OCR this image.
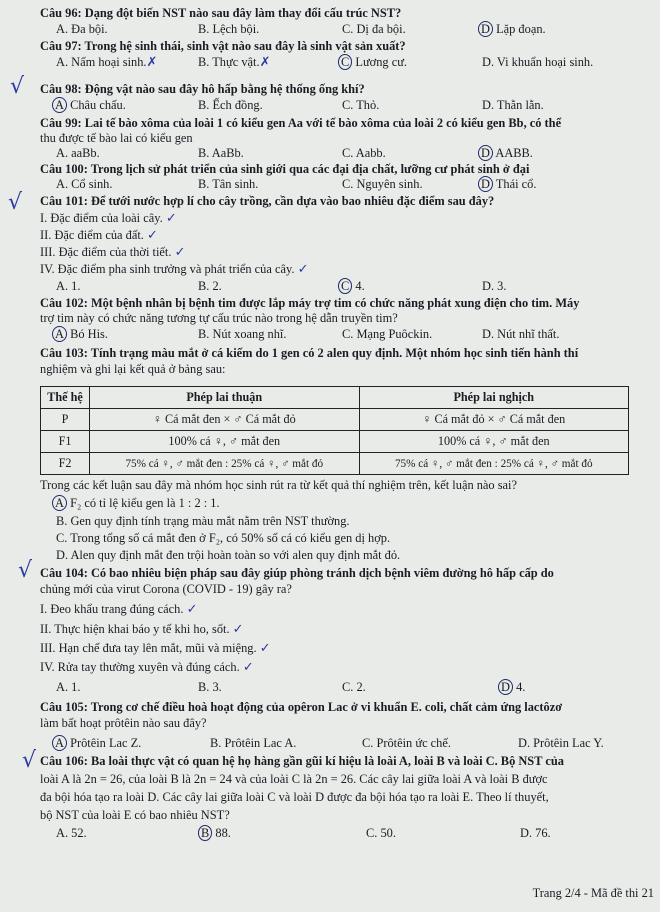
Câu 96: Dạng đột biến NST nào sau đây làm thay đổi cấu trúc NST?
A. Đa bội.	B. Lệch bội.	C. Dị đa bội.	D Lặp đoạn.
Câu 97: Trong hệ sinh thái, sinh vật nào sau đây là sinh vật sản xuất?
A. Nấm hoại sinh.✗	B. Thực vật.✗	C Lương cư.	D. Vi khuẩn hoại sinh.
√ Câu 98: Động vật nào sau đây hô hấp bằng hệ thống ống khí?
A Châu chấu.	B. Ếch đồng.	C. Thỏ.	D. Thằn lằn.
Câu 99: Lai tế bào xôma của loài 1 có kiểu gen Aa với tế bào xôma của loài 2 có kiểu gen Bb, có thể
thu được tế bào lai có kiểu gen
A. aaBb.	B. AaBb.	C. Aabb.	D AABB.
Câu 100: Trong lịch sử phát triển của sinh giới qua các đại địa chất, lưỡng cư phát sinh ở đại
A. Cổ sinh.	B. Tân sinh.	C. Nguyên sinh.	D Thái cổ.
√ Câu 101: Để tưới nước hợp lí cho cây trồng, cần dựa vào bao nhiêu đặc điểm sau đây?
I. Đặc điểm của loài cây. ✓
II. Đặc điểm của đất. ✓
III. Đặc điểm của thời tiết. ✓
IV. Đặc điểm pha sinh trưởng và phát triển của cây. ✓
A. 1.	B. 2.	C 4.	D. 3.
Câu 102: Một bệnh nhân bị bệnh tim được lắp máy trợ tim có chức năng phát xung điện cho tim. Máy
trợ tim này có chức năng tương tự cấu trúc nào trong hệ dẫn truyền tim?
A Bó His.	B. Nút xoang nhĩ.	C. Mạng Puôckin.	D. Nút nhĩ thất.
Câu 103: Tính trạng màu mắt ở cá kiếm do 1 gen có 2 alen quy định. Một nhóm học sinh tiến hành thí
nghiệm và ghi lại kết quả ở bảng sau:
Thế hệ	Phép lai thuận	Phép lai nghịch
P	♀ Cá mắt đen × ♂ Cá mắt đỏ	♀ Cá mắt đỏ × ♂ Cá mắt đen
F1	100% cá ♀, ♂ mắt đen	100% cá ♀, ♂ mắt đen
F2	75% cá ♀, ♂ mắt đen : 25% cá ♀, ♂ mắt đỏ	75% cá ♀, ♂ mắt đen : 25% cá ♀, ♂ mắt đỏ
Trong các kết luận sau đây mà nhóm học sinh rút ra từ kết quả thí nghiệm trên, kết luận nào sai?
A F₂ có tỉ lệ kiểu gen là 1 : 2 : 1.
B. Gen quy định tính trạng màu mắt nằm trên NST thường.
C. Trong tổng số cá mắt đen ở F₂, có 50% số cá có kiểu gen dị hợp.
D. Alen quy định mắt đen trội hoàn toàn so với alen quy định mắt đỏ.
√ Câu 104: Có bao nhiêu biện pháp sau đây giúp phòng tránh dịch bệnh viêm đường hô hấp cấp do
chủng mới của virut Corona (COVID - 19) gây ra?
I. Đeo khẩu trang đúng cách. ✓
II. Thực hiện khai báo y tế khi ho, sốt. ✓
III. Hạn chế đưa tay lên mắt, mũi và miệng. ✓
IV. Rửa tay thường xuyên và đúng cách. ✓
A. 1.	B. 3.	C. 2.	D 4.
Câu 105: Trong cơ chế điều hoà hoạt động của opêron Lac ở vi khuẩn E. coli, chất cảm ứng lactôzơ
làm bất hoạt prôtêin nào sau đây?
A Prôtêin Lac Z.	B. Prôtêin Lac A.	C. Prôtêin ức chế.	D. Prôtêin Lac Y.
√ Câu 106: Ba loài thực vật có quan hệ họ hàng gần gũi kí hiệu là loài A, loài B và loài C. Bộ NST của
loài A là 2n = 26, của loài B là 2n = 24 và của loài C là 2n = 26. Các cây lai giữa loài A và loài B được
đa bội hóa tạo ra loài D. Các cây lai giữa loài C và loài D được đa bội hóa tạo ra loài E. Theo lí thuyết,
bộ NST của loài E có bao nhiêu NST?
A. 52.	B 88.	C. 50.	D. 76.
Trang 2/4 - Mã đề thi 21
